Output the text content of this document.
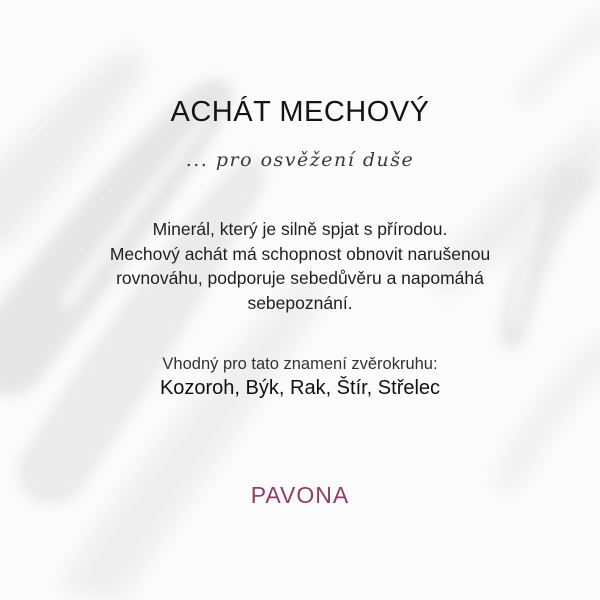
ACHÁT MECHOVÝ
... pro osvěžení duše
Minerál, který je silně spjat s přírodou.
Mechový achát má schopnost obnovit narušenou
rovnováhu, podporuje sebedůvěru a napomáhá
sebepoznání.
Vhodný pro tato znamení zvěrokruhu:
Kozoroh, Býk, Rak, Štír, Střelec
PAVONA
